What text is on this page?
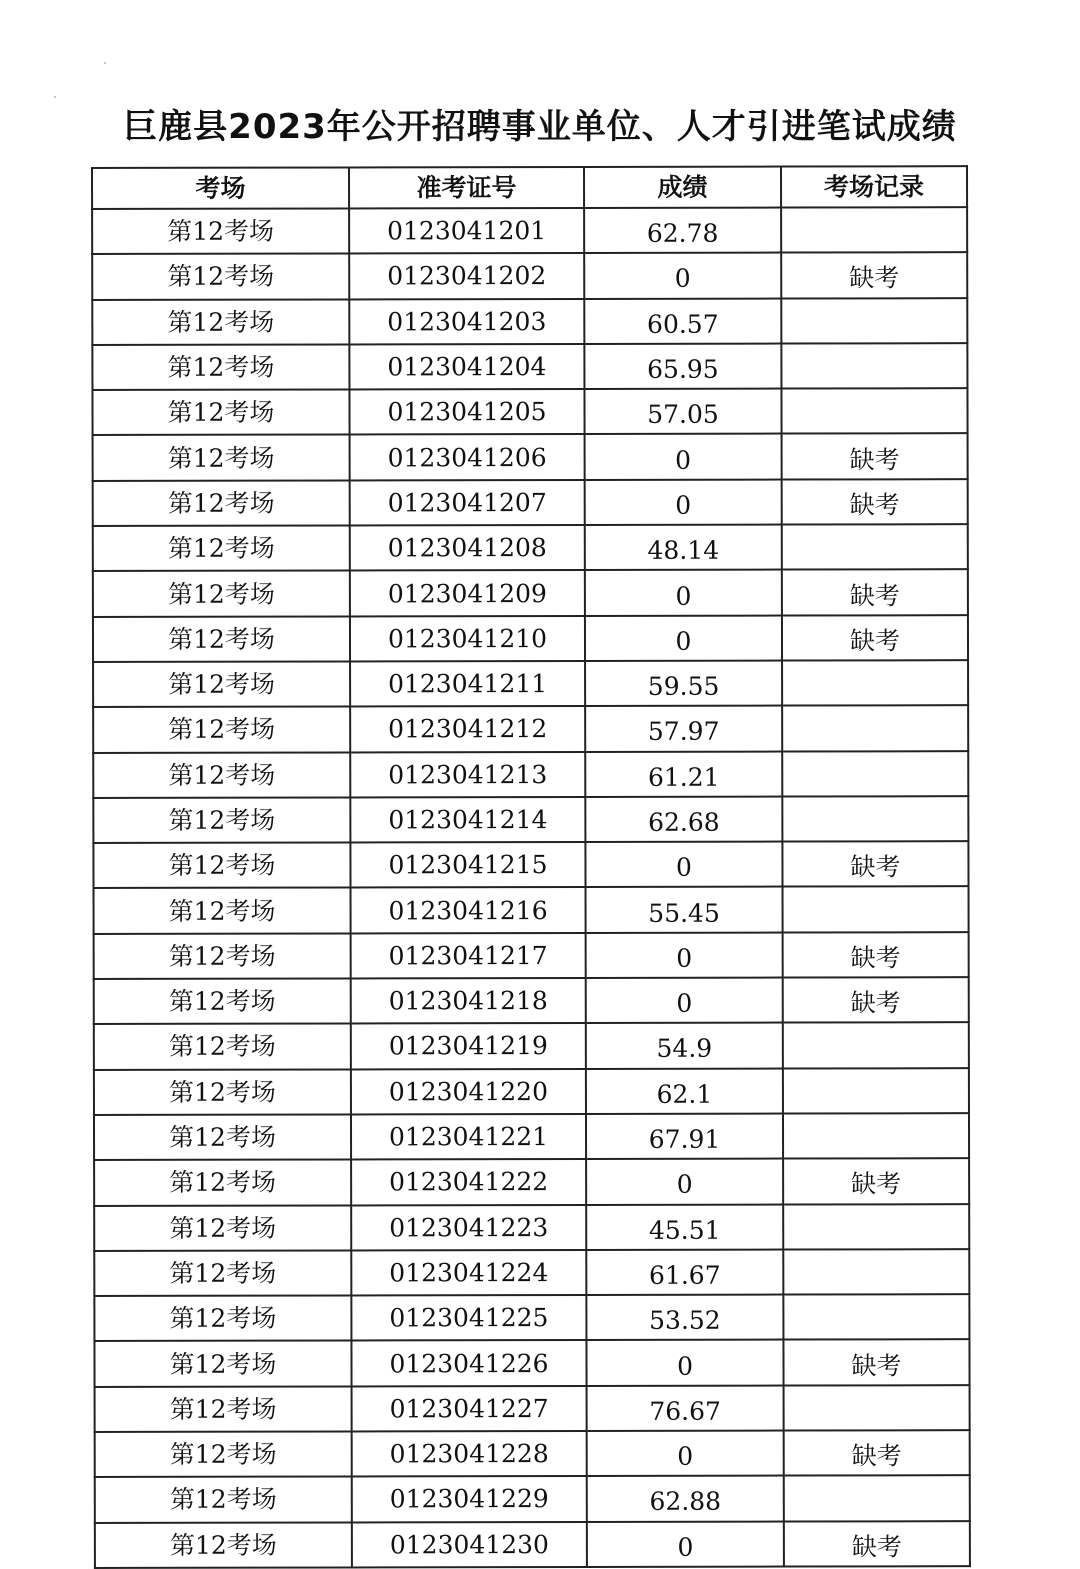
巨鹿县2023年公开招聘事业单位、人才引进笔试成绩
考场	准考证号	成绩	考场记录
第12考场	0123041201	62.78	
第12考场	0123041202	0	缺考
第12考场	0123041203	60.57	
第12考场	0123041204	65.95	
第12考场	0123041205	57.05	
第12考场	0123041206	0	缺考
第12考场	0123041207	0	缺考
第12考场	0123041208	48.14	
第12考场	0123041209	0	缺考
第12考场	0123041210	0	缺考
第12考场	0123041211	59.55	
第12考场	0123041212	57.97	
第12考场	0123041213	61.21	
第12考场	0123041214	62.68	
第12考场	0123041215	0	缺考
第12考场	0123041216	55.45	
第12考场	0123041217	0	缺考
第12考场	0123041218	0	缺考
第12考场	0123041219	54.9	
第12考场	0123041220	62.1	
第12考场	0123041221	67.91	
第12考场	0123041222	0	缺考
第12考场	0123041223	45.51	
第12考场	0123041224	61.67	
第12考场	0123041225	53.52	
第12考场	0123041226	0	缺考
第12考场	0123041227	76.67	
第12考场	0123041228	0	缺考
第12考场	0123041229	62.88	
第12考场	0123041230	0	缺考
